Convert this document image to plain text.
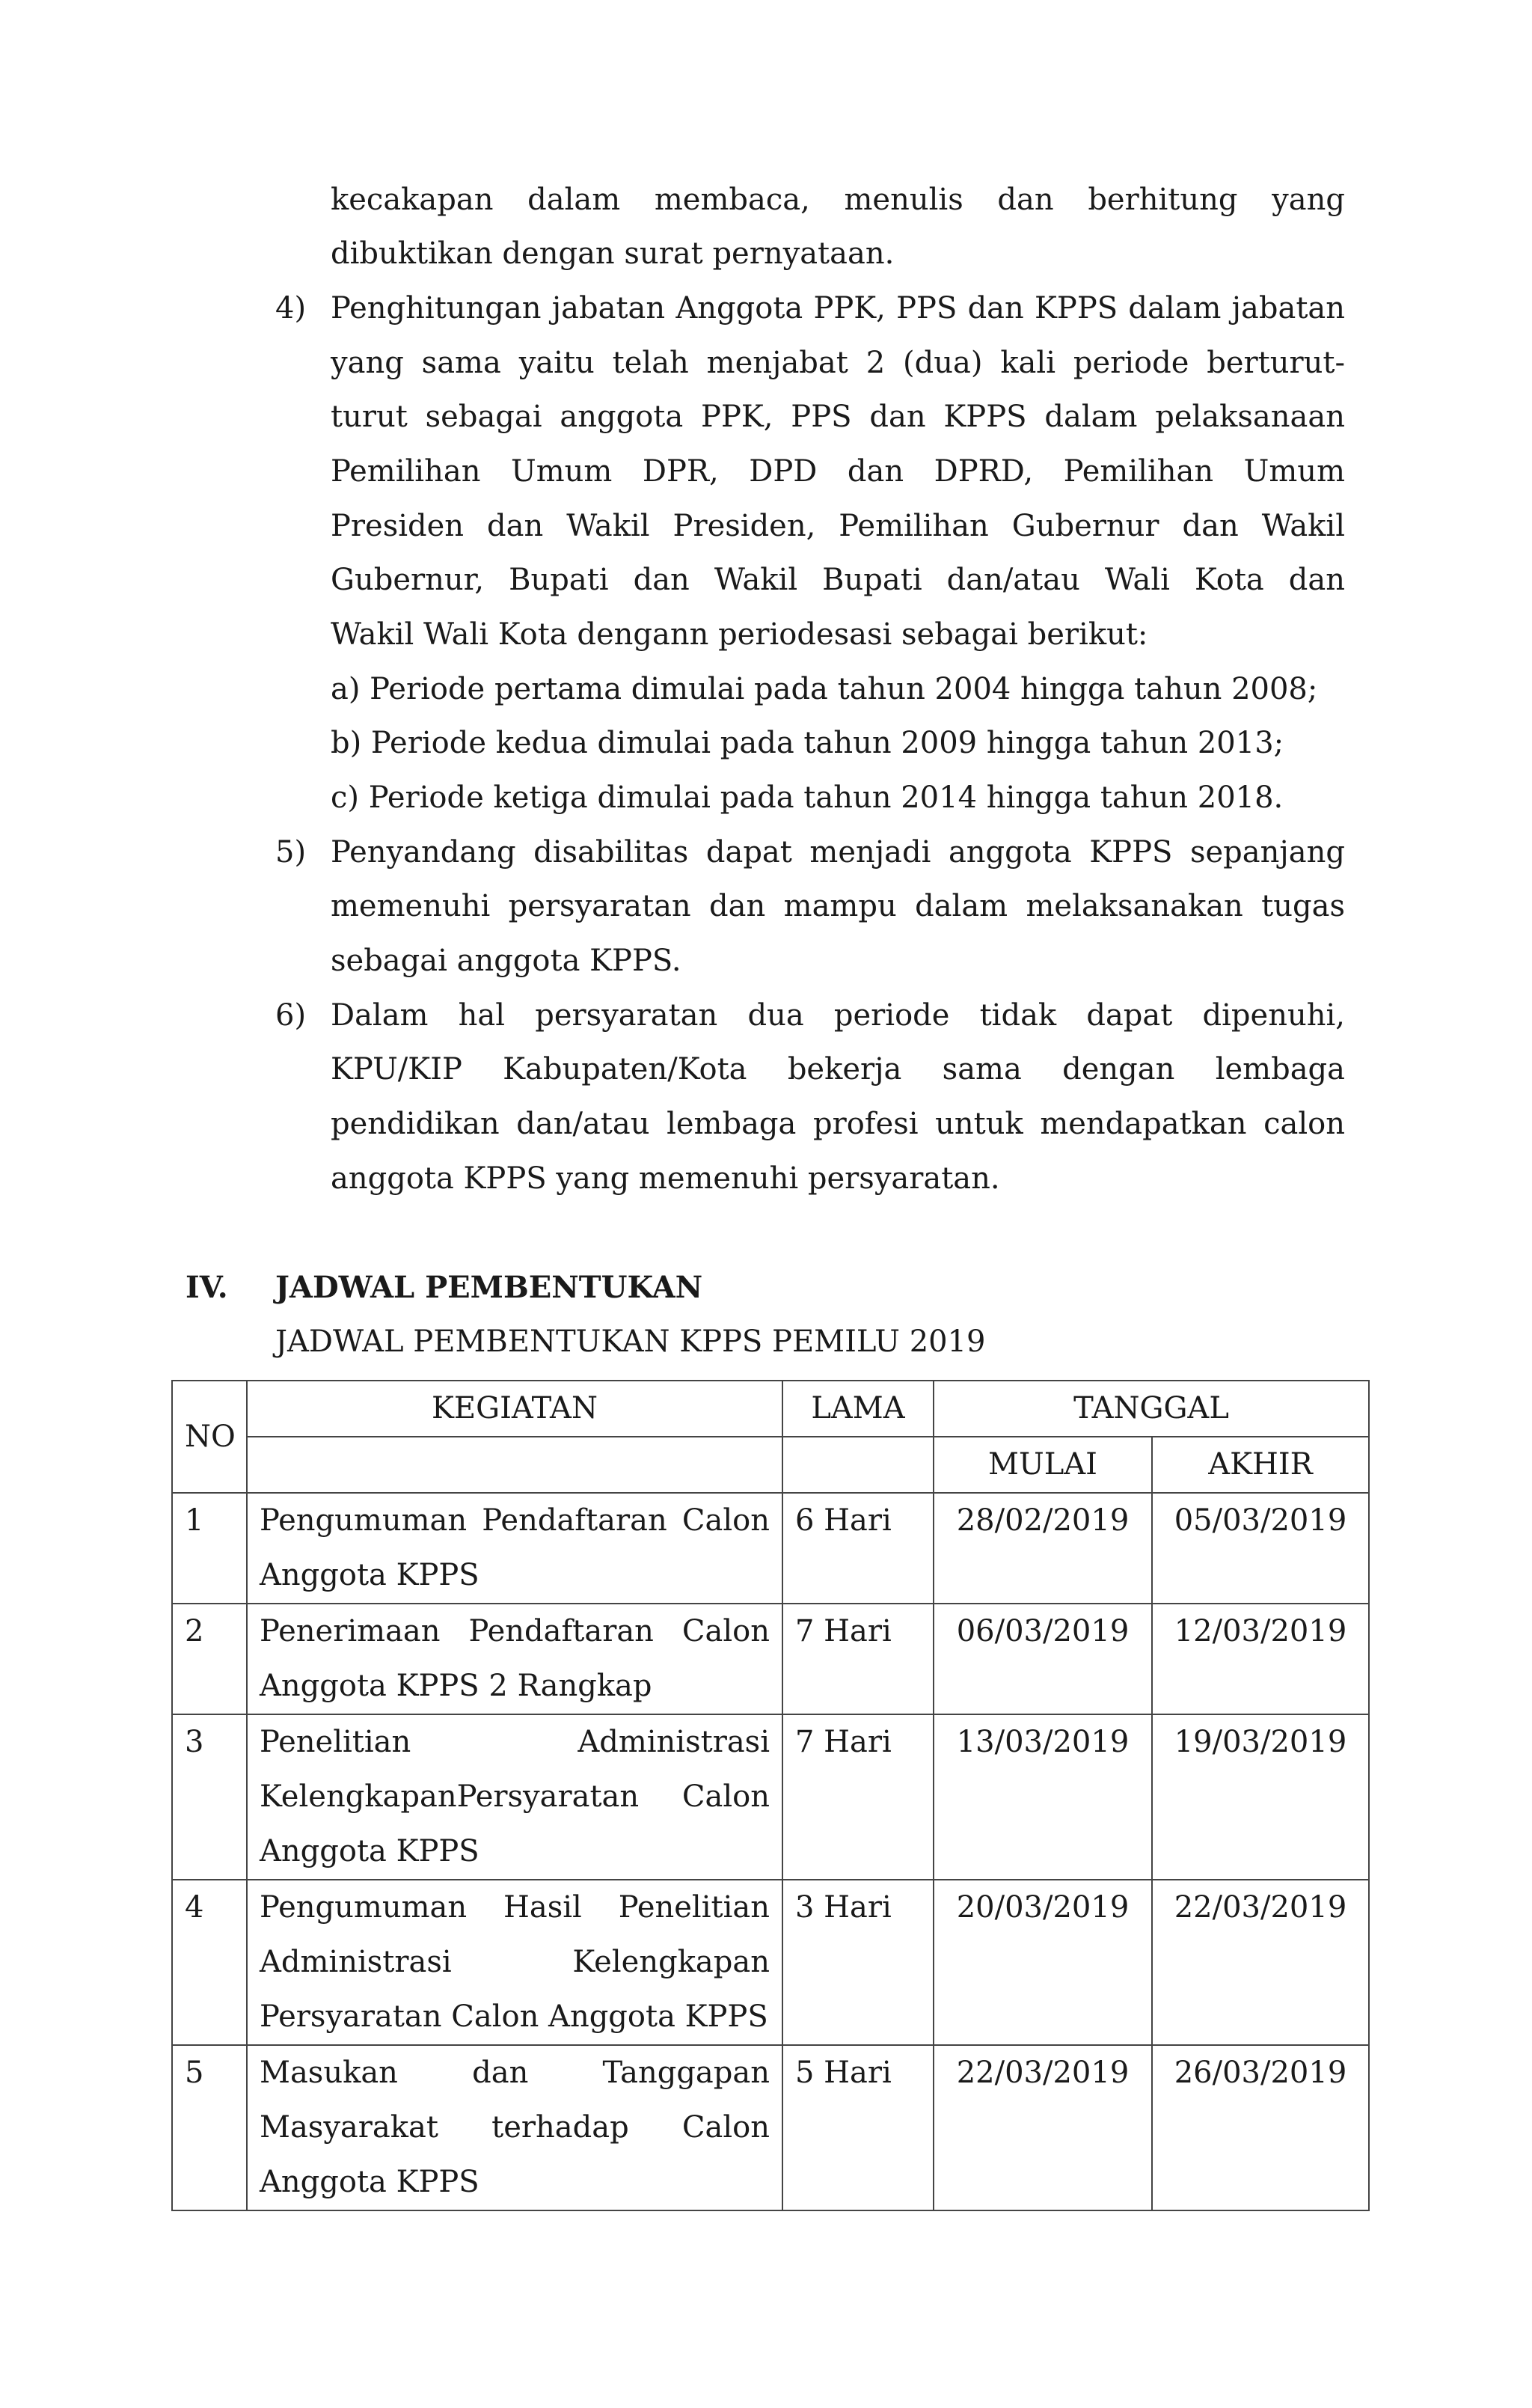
kecakapan dalam membaca, menulis dan berhitung yang
dibuktikan dengan surat pernyataan.
4) Penghitungan jabatan Anggota PPK, PPS dan KPPS dalam jabatan
yang sama yaitu telah menjabat 2 (dua) kali periode berturut-
turut sebagai anggota PPK, PPS dan KPPS dalam pelaksanaan
Pemilihan Umum DPR, DPD dan DPRD, Pemilihan Umum
Presiden dan Wakil Presiden, Pemilihan Gubernur dan Wakil
Gubernur, Bupati dan Wakil Bupati dan/atau Wali Kota dan
Wakil Wali Kota dengann periodesasi sebagai berikut:
a) Periode pertama dimulai pada tahun 2004 hingga tahun 2008;
b) Periode kedua dimulai pada tahun 2009 hingga tahun 2013;
c) Periode ketiga dimulai pada tahun 2014 hingga tahun 2018.
5) Penyandang disabilitas dapat menjadi anggota KPPS sepanjang
memenuhi persyaratan dan mampu dalam melaksanakan tugas
sebagai anggota KPPS.
6) Dalam hal persyaratan dua periode tidak dapat dipenuhi,
KPU/KIP Kabupaten/Kota bekerja sama dengan lembaga
pendidikan dan/atau lembaga profesi untuk mendapatkan calon
anggota KPPS yang memenuhi persyaratan.
IV. JADWAL PEMBENTUKAN
JADWAL PEMBENTUKAN KPPS PEMILU 2019
NO	KEGIATAN	LAMA	TANGGAL	
			MULAI	AKHIR
1	Pengumuman Pendaftaran Calon Anggota KPPS	6 Hari	28/02/2019	05/03/2019
2	Penerimaan Pendaftaran Calon Anggota KPPS 2 Rangkap	7 Hari	06/03/2019	12/03/2019
3	Penelitian Administrasi KelengkapanPersyaratan Calon Anggota KPPS	7 Hari	13/03/2019	19/03/2019
4	Pengumuman Hasil Penelitian Administrasi Kelengkapan Persyaratan Calon Anggota KPPS	3 Hari	20/03/2019	22/03/2019
5	Masukan dan Tanggapan Masyarakat terhadap Calon Anggota KPPS	5 Hari	22/03/2019	26/03/2019
